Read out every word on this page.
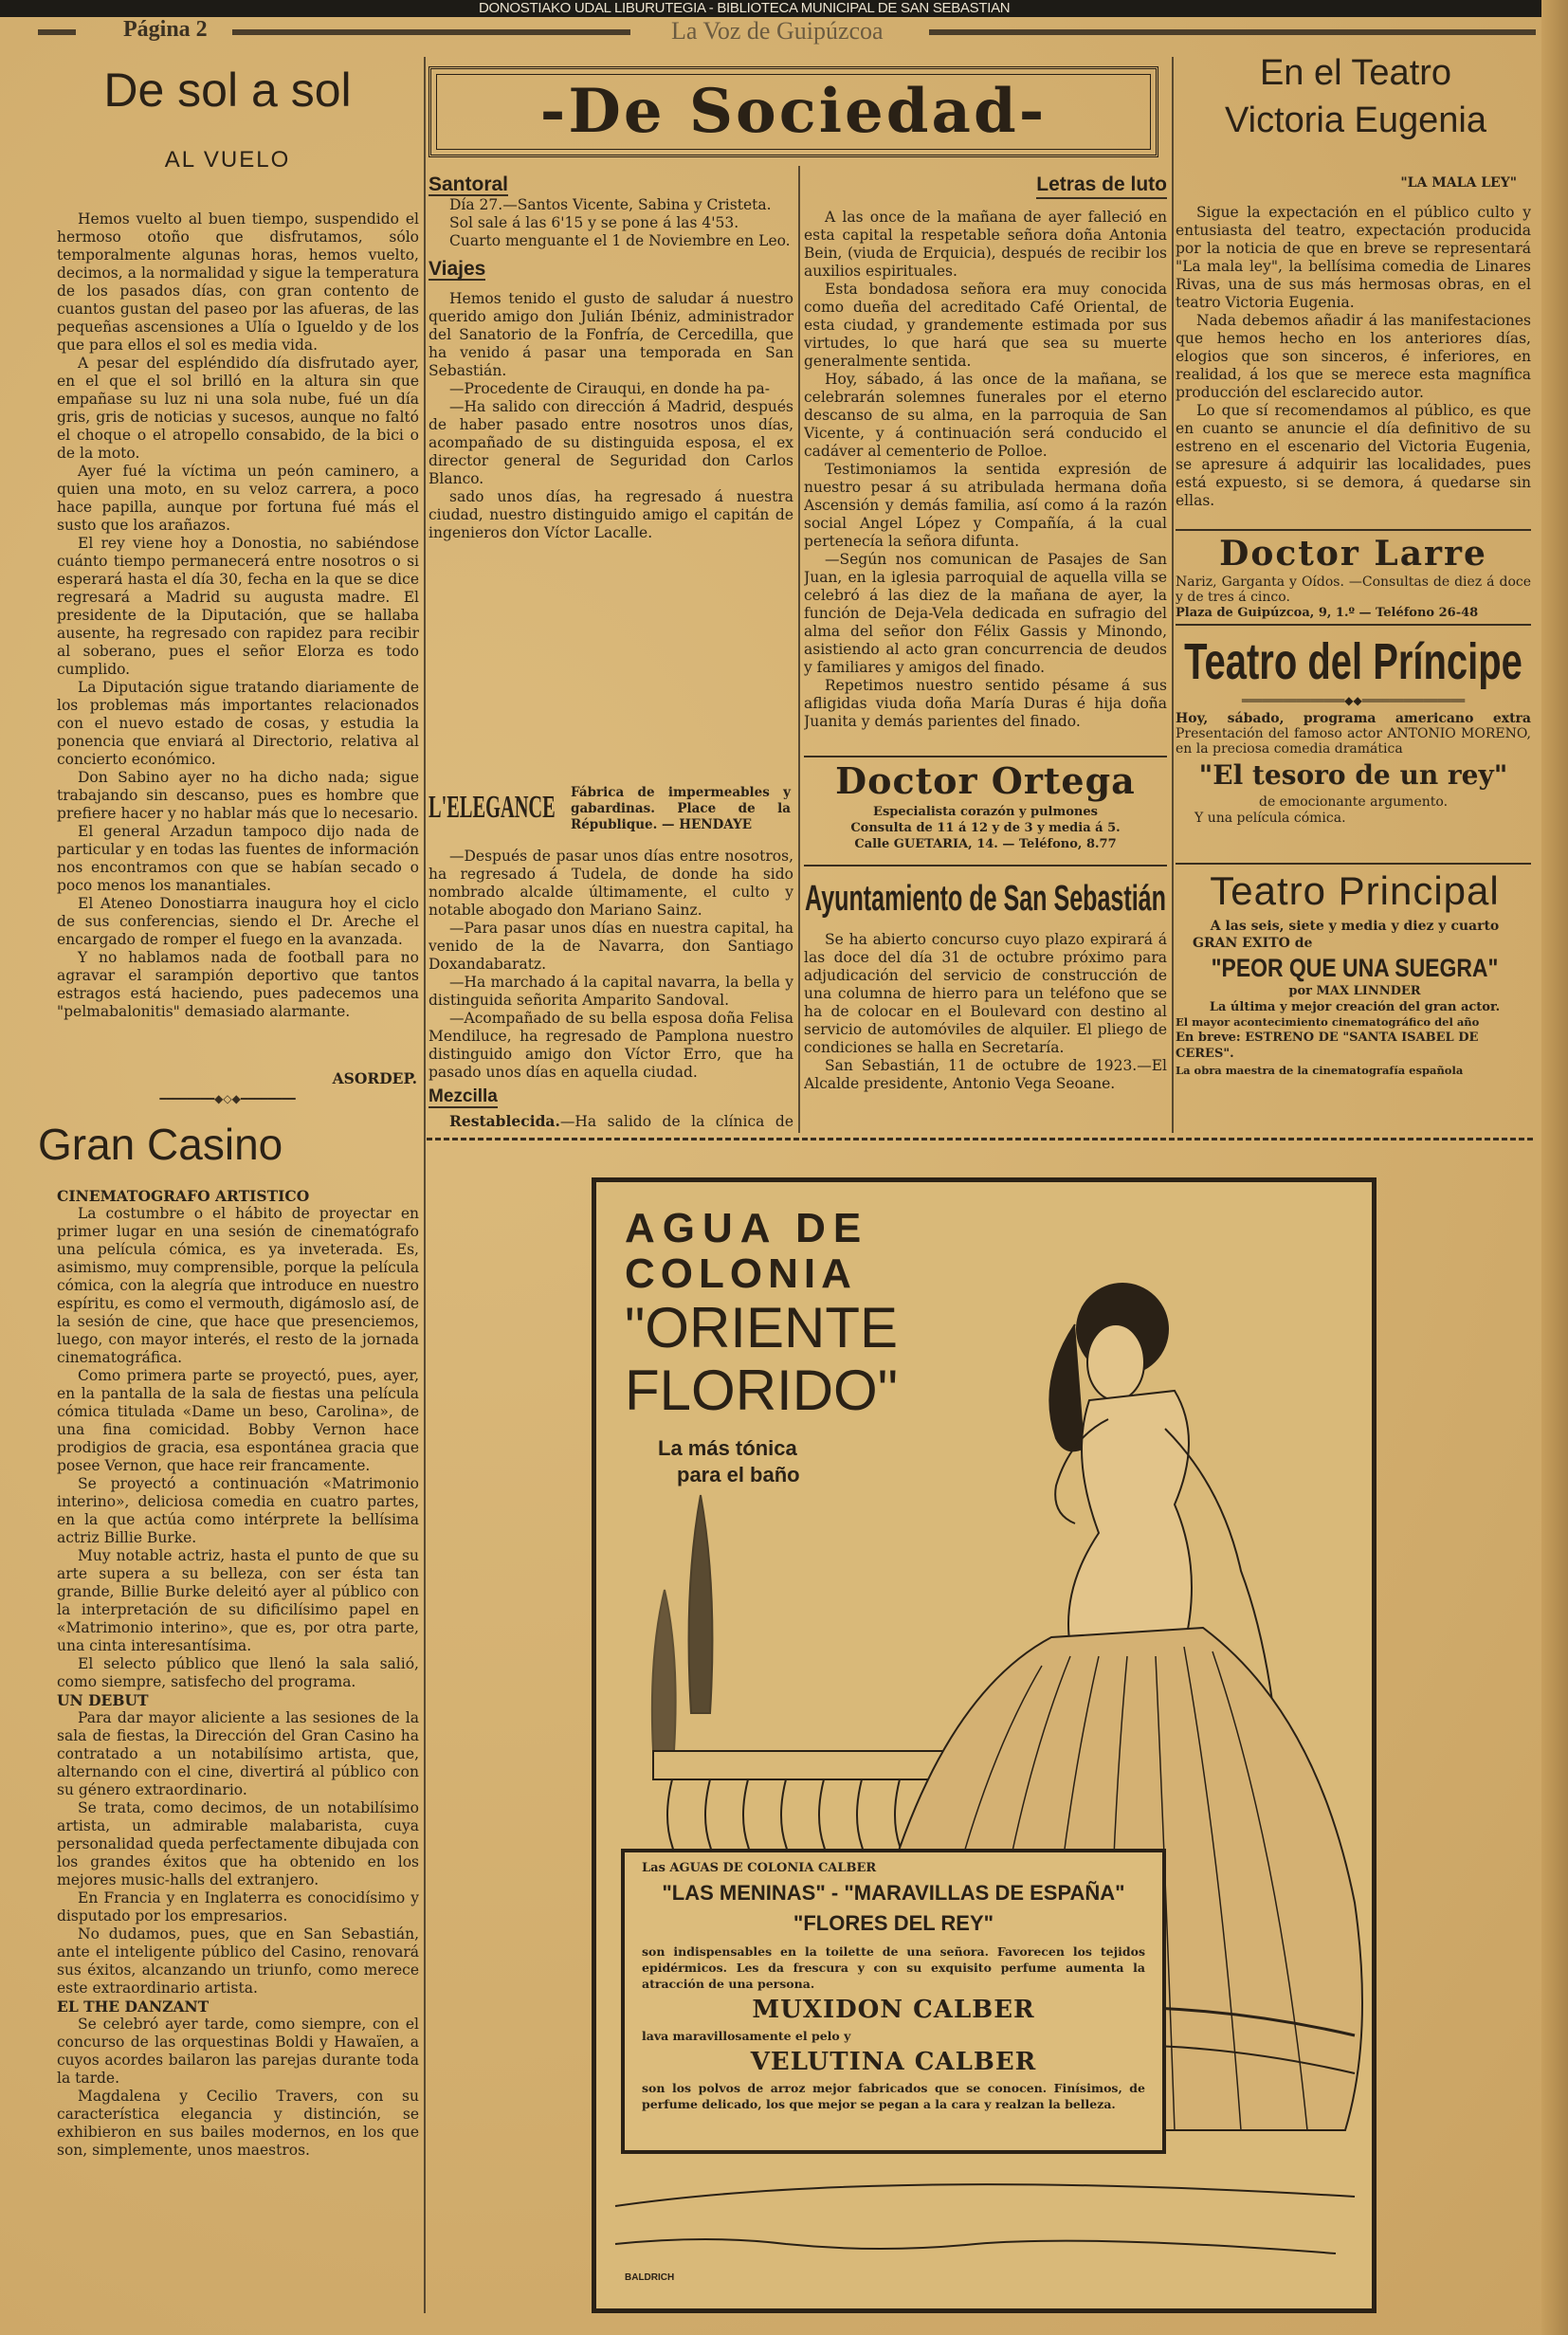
DONOSTIAKO UDAL LIBURUTEGIA - BIBLIOTECA MUNICIPAL DE SAN SEBASTIAN
Página 2	La Voz de Guipúzcoa
De sol a sol
AL VUELO

Hemos vuelto al buen tiempo, suspendido el hermoso otoño que disfrutamos, sólo temporalmente algunas horas, hemos vuelto, decimos, a la normalidad y sigue la temperatura de los pasados días, con gran contento de cuantos gustan del paseo por las afueras, de las pequeñas ascensiones a Ulía o Igueldo y de los que para ellos el sol es media vida.

A pesar del espléndido día disfrutado ayer, en el que el sol brilló en la altura sin que empañase su luz ni una sola nube, fué un día gris, gris de noticias y sucesos, aunque no faltó el choque o el atropello consabido, de la bici o de la moto.

Ayer fué la víctima un peón caminero, a quien una moto, en su veloz carrera, a poco hace papilla, aunque por fortuna fué más el susto que los arañazos.

El rey viene hoy a Donostia, no sabiéndose cuánto tiempo permanecerá entre nosotros o si esperará hasta el día 30, fecha en la que se dice regresará a Madrid su augusta madre. El presidente de la Diputación, que se hallaba ausente, ha regresado con rapidez para recibir al soberano, pues el señor Elorza es todo cumplido.

La Diputación sigue tratando diariamente de los problemas más importantes relacionados con el nuevo estado de cosas, y estudia la ponencia que enviará al Directorio, relativa al concierto económico.

Don Sabino ayer no ha dicho nada; sigue trabajando sin descanso, pues es hombre que prefiere hacer y no hablar más que lo necesario.

El general Arzadun tampoco dijo nada de particular y en todas las fuentes de información nos encontramos con que se habían secado o poco menos los manantiales.

El Ateneo Donostiarra inaugura hoy el ciclo de sus conferencias, siendo el Dr. Areche el encargado de romper el fuego en la avanzada.

Y no hablamos nada de football para no agravar el sarampión deportivo que tantos estragos está haciendo, pues padecemos una "pelmabalonitis" demasiado alarmante.

ASORDEP.
━━━━━━━━◆◇◆━━━━━━━━
Gran Casino
CINEMATOGRAFO ARTISTICO

La costumbre o el hábito de proyectar en primer lugar en una sesión de cinematógrafo una película cómica, es ya inveterada. Es, asimismo, muy comprensible, porque la película cómica, con la alegría que introduce en nuestro espíritu, es como el vermouth, digámoslo así, de la sesión de cine, que hace que presenciemos, luego, con mayor interés, el resto de la jornada cinematográfica.

Como primera parte se proyectó, pues, ayer, en la pantalla de la sala de fiestas una película cómica titulada «Dame un beso, Carolina», de una fina comicidad. Bobby Vernon hace prodigios de gracia, esa espontánea gracia que posee Vernon, que hace reir francamente.

Se proyectó a continuación «Matrimonio interino», deliciosa comedia en cuatro partes, en la que actúa como intérprete la bellísima actriz Billie Burke.

Muy notable actriz, hasta el punto de que su arte supera a su belleza, con ser ésta tan grande, Billie Burke deleitó ayer al público con la interpretación de su dificilísimo papel en «Matrimonio interino», que es, por otra parte, una cinta interesantísima.

El selecto público que llenó la sala salió, como siempre, satisfecho del programa.

UN DEBUT

Para dar mayor aliciente a las sesiones de la sala de fiestas, la Dirección del Gran Casino ha contratado a un notabilísimo artista, que, alternando con el cine, divertirá al público con su género extraordinario.

Se trata, como decimos, de un notabilísimo artista, un admirable malabarista, cuya personalidad queda perfectamente dibujada con los grandes éxitos que ha obtenido en los mejores music-halls del extranjero.

En Francia y en Inglaterra es conocidísimo y disputado por los empresarios.

No dudamos, pues, que en San Sebastián, ante el inteligente público del Casino, renovará sus éxitos, alcanzando un triunfo, como merece este extraordinario artista.

EL THE DANZANT

Se celebró ayer tarde, como siempre, con el concurso de las orquestinas Boldi y Hawaïen, a cuyos acordes bailaron las parejas durante toda la tarde.

Magdalena y Cecilio Travers, con su característica elegancia y distinción, se exhibieron en sus bailes modernos, en los que son, simplemente, unos maestros.

-De Sociedad-
Santoral

Día 27.—Santos Vicente, Sabina y Cristeta.

Sol sale á las 6'15 y se pone á las 4'53.

Cuarto menguante el 1 de Noviembre en Leo.

Viajes

Hemos tenido el gusto de saludar á nuestro querido amigo don Julián Ibéniz, administrador del Sanatorio de la Fonfría, de Cercedilla, que ha venido á pasar una temporada en San Sebastián.

—Procedente de Cirauqui, en donde ha pa-

—Ha salido con dirección á Madrid, después de haber pasado entre nosotros unos días, acompañado de su distinguida esposa, el ex director general de Seguridad don Carlos Blanco.

sado unos días, ha regresado á nuestra ciudad, nuestro distinguido amigo el capitán de ingenieros don Víctor Lacalle.

L'ELEGANCE Fábrica de impermeables y gabardinas. Place de la République. — HENDAYE

—Después de pasar unos días entre nosotros, ha regresado á Tudela, de donde ha sido nombrado alcalde últimamente, el culto y notable abogado don Mariano Sainz.

—Para pasar unos días en nuestra capital, ha venido de la de Navarra, don Santiago Doxandabaratz.

—Ha marchado á la capital navarra, la bella y distinguida señorita Amparito Sandoval.

—Acompañado de su bella esposa doña Felisa Mendiluce, ha regresado de Pamplona nuestro distinguido amigo don Víctor Erro, que ha pasado unos días en aquella ciudad.

Mezcilla

Restablecida.—Ha salido de la clínica de

Letras de luto

A las once de la mañana de ayer falleció en esta capital la respetable señora doña Antonia Bein, (viuda de Erquicia), después de recibir los auxilios espirituales.

Esta bondadosa señora era muy conocida como dueña del acreditado Café Oriental, de esta ciudad, y grandemente estimada por sus virtudes, lo que hará que sea su muerte generalmente sentida.

Hoy, sábado, á las once de la mañana, se celebrarán solemnes funerales por el eterno descanso de su alma, en la parroquia de San Vicente, y á continuación será conducido el cadáver al cementerio de Polloe.

Testimoniamos la sentida expresión de nuestro pesar á su atribulada hermana doña Ascensión y demás familia, así como á la razón social Angel López y Compañía, á la cual pertenecía la señora difunta.

—Según nos comunican de Pasajes de San Juan, en la iglesia parroquial de aquella villa se celebró á las diez de la mañana de ayer, la función de Deja-Vela dedicada en sufragio del alma del señor don Félix Gassis y Minondo, asistiendo al acto gran concurrencia de deudos y familiares y amigos del finado.

Repetimos nuestro sentido pésame á sus afligidas viuda doña María Duras é hija doña Juanita y demás parientes del finado.

Doctor Ortega
Especialista corazón y pulmones
Consulta de 11 á 12 y de 3 y media á 5.
Calle GUETARIA, 14. — Teléfono, 8.77
Ayuntamiento de San Sebastián

Se ha abierto concurso cuyo plazo expirará á las doce del día 31 de octubre próximo para adjudicación del servicio de construcción de una columna de hierro para un teléfono que se ha de colocar en el Boulevard con destino al servicio de automóviles de alquiler. El pliego de condiciones se halla en Secretaría.

San Sebastián, 11 de octubre de 1923.—El Alcalde presidente, Antonio Vega Seoane.

En el Teatro
Victoria Eugenia
"LA MALA LEY"

Sigue la expectación en el público culto y entusiasta del teatro, expectación producida por la noticia de que en breve se representará "La mala ley", la bellísima comedia de Linares Rivas, una de sus más hermosas obras, en el teatro Victoria Eugenia.

Nada debemos añadir á las manifestaciones que hemos hecho en los anteriores días, elogios que son sinceros, é inferiores, en realidad, á los que se merece esta magnífica producción del esclarecido autor.

Lo que sí recomendamos al público, es que en cuanto se anuncie el día definitivo de su estreno en el escenario del Victoria Eugenia, se apresure á adquirir las localidades, pues está expuesto, si se demora, á quedarse sin ellas.

Doctor Larre
Nariz, Garganta y Oídos. —Consultas de diez á doce y de tres á cinco.
Plaza de Guipúzcoa, 9, 1.º — Teléfono 26-48
Teatro del Príncipe
═══════════════◆◆═══════════════
Hoy, sábado, programa americano extra
Presentación del famoso actor ANTONIO MORENO, en la preciosa comedia dramática
"El tesoro de un rey"
de emocionante argumento.
Y una película cómica.
Teatro Principal
A las seis, siete y media y diez y cuarto
GRAN EXITO de
"PEOR QUE UNA SUEGRA"
por MAX LINNDER
La última y mejor creación del gran actor.
El mayor acontecimiento cinematográfico del año
En breve: ESTRENO DE "SANTA ISABEL DE CERES".
La obra maestra de la cinematografía española
AGUA DE
COLONIA
"ORIENTE
FLORIDO"
La más tónica
para el baño
Las AGUAS DE COLONIA CALBER
"LAS MENINAS" - "MARAVILLAS DE ESPAÑA"
"FLORES DEL REY"
son indispensables en la toilette de una señora. Favorecen los tejidos epidérmicos. Les da frescura y con su exquisito perfume aumenta la atracción de una persona.
MUXIDON CALBER
lava maravillosamente el pelo y
VELUTINA CALBER
son los polvos de arroz mejor fabricados que se conocen. Finísimos, de perfume delicado, los que mejor se pegan a la cara y realzan la belleza.
BALDRICH
